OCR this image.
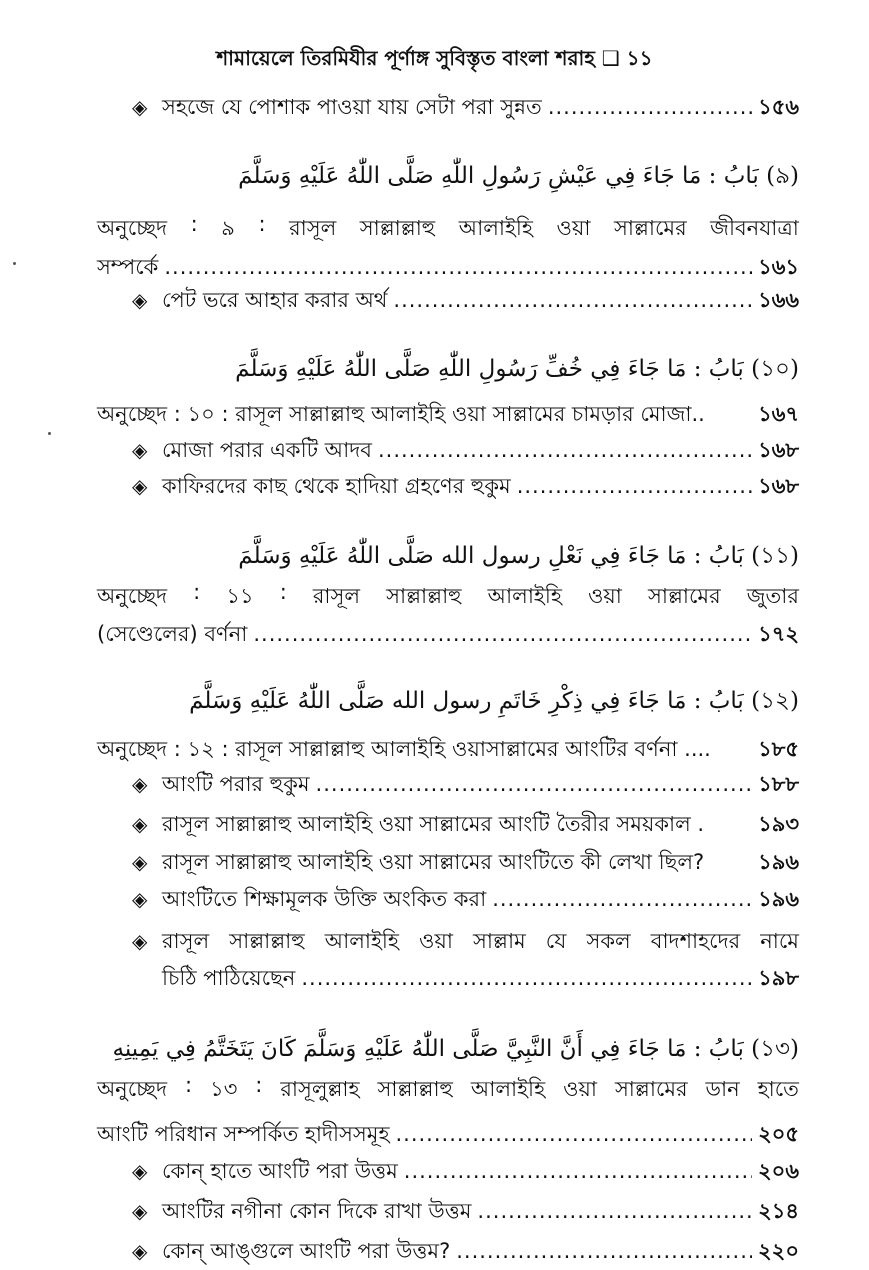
শামায়েলে তিরমিযীর পূর্ণাঙ্গ সুবিস্তৃত বাংলা শরাহ ❑ ১১
◈ সহজে যে পোশাক পাওয়া যায় সেটা পরা সুন্নত .....	১৫৬
(৯) بَابُ : مَا جَاءَ فِي عَيْشِ رَسُولِ اللّٰهِ صَلَّى اللّٰهُ عَلَيْهِ وَسَلَّمَ
অনুচ্ছেদ : ৯ : রাসূল সাল্লাল্লাহু আলাইহি ওয়া সাল্লামের জীবনযাত্রা
সম্পর্কে .....	১৬১
◈ পেট ভরে আহার করার অর্থ .....	১৬৬
(১০) بَابُ : مَا جَاءَ فِي خُفِّ رَسُولِ اللّٰهِ صَلَّى اللّٰهُ عَلَيْهِ وَسَلَّمَ
অনুচ্ছেদ : ১০ : রাসূল সাল্লাল্লাহু আলাইহি ওয়া সাল্লামের চামড়ার মোজা..	১৬৭
◈ মোজা পরার একটি আদব .....	১৬৮
◈ কাফিরদের কাছ থেকে হাদিয়া গ্রহণের হুকুম .....	১৬৮
(১১) بَابُ : مَا جَاءَ فِي نَعْلِ رسول الله صَلَّى اللّٰهُ عَلَيْهِ وَسَلَّمَ
অনুচ্ছেদ : ১১ : রাসূল সাল্লাল্লাহু আলাইহি ওয়া সাল্লামের জুতার
(সেণ্ডেলের) বর্ণনা .....	১৭২
(১২) بَابُ : مَا جَاءَ فِي ذِكْرِ خَاتَمِ رسول الله صَلَّى اللّٰهُ عَلَيْهِ وَسَلَّمَ
অনুচ্ছেদ : ১২ : রাসূল সাল্লাল্লাহু আলাইহি ওয়াসাল্লামের আংটির বর্ণনা .... ১৮৫
◈ আংটি পরার হুকুম .....	১৮৮
◈ রাসূল সাল্লাল্লাহু আলাইহি ওয়া সাল্লামের আংটি তৈরীর সময়কাল .	১৯৩
◈ রাসূল সাল্লাল্লাহু আলাইহি ওয়া সাল্লামের আংটিতে কী লেখা ছিল?	১৯৬
◈ আংটিতে শিক্ষামূলক উক্তি অংকিত করা .....	১৯৬
◈ রাসূল সাল্লাল্লাহু আলাইহি ওয়া সাল্লাম যে সকল বাদশাহদের নামে
চিঠি পাঠিয়েছেন .....	১৯৮
(১৩) بَابُ : مَا جَاءَ فِي أَنَّ النَّبِيَّ صَلَّى اللّٰهُ عَلَيْهِ وَسَلَّمَ كَانَ يَتَخَتَّمُ فِي يَمِينِهِ
অনুচ্ছেদ : ১৩ : রাসূলুল্লাহ সাল্লাল্লাহু আলাইহি ওয়া সাল্লামের ডান হাতে
আংটি পরিধান সম্পর্কিত হাদীসসমূহ .....	২০৫
◈ কোন্ হাতে আংটি পরা উত্তম .....	২০৬
◈ আংটির নগীনা কোন দিকে রাখা উত্তম .....	২১৪
◈ কোন্ আঙ্গুলে আংটি পরা উত্তম? .....	২২০
